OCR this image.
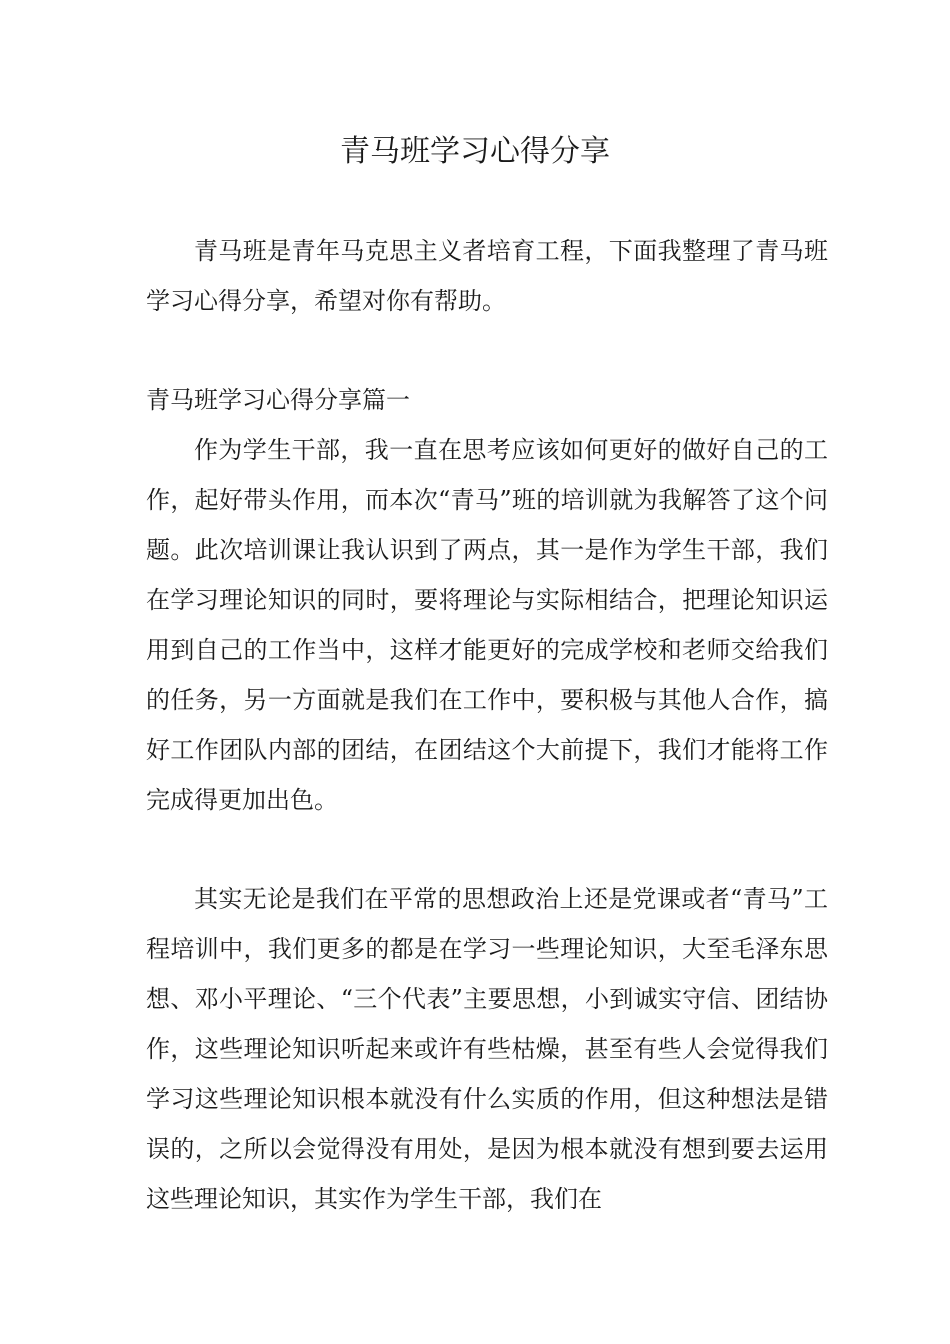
青马班学习心得分享

青马班是青年马克思主义者培育工程，下面我整理了青马班学习心得分享，希望对你有帮助。

青马班学习心得分享篇一

作为学生干部，我一直在思考应该如何更好的做好自己的工作，起好带头作用，而本次“青马”班的培训就为我解答了这个问题。此次培训课让我认识到了两点，其一是作为学生干部，我们在学习理论知识的同时，要将理论与实际相结合，把理论知识运用到自己的工作当中，这样才能更好的完成学校和老师交给我们的任务，另一方面就是我们在工作中，要积极与其他人合作，搞好工作团队内部的团结，在团结这个大前提下，我们才能将工作完成得更加出色。

其实无论是我们在平常的思想政治上还是党课或者“青马”工程培训中，我们更多的都是在学习一些理论知识，大至毛泽东思想、邓小平理论、“三个代表”主要思想，小到诚实守信、团结协作，这些理论知识听起来或许有些枯燥，甚至有些人会觉得我们学习这些理论知识根本就没有什么实质的作用，但这种想法是错误的，之所以会觉得没有用处，是因为根本就没有想到要去运用这些理论知识，其实作为学生干部，我们在
